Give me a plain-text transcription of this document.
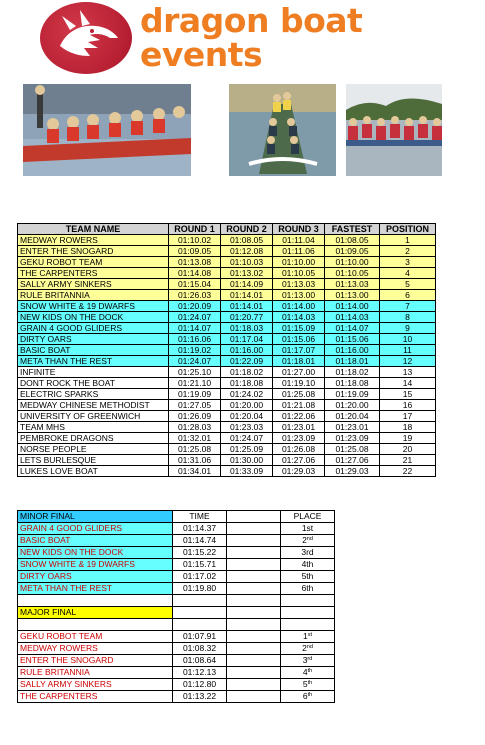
dragon boat
events
TEAM NAME	ROUND 1	ROUND 2	ROUND 3	FASTEST	POSITION
MEDWAY ROWERS	01:10.02	01:08.05	01:11.04	01:08.05	1
ENTER THE SNOGARD	01:09.05	01:12.08	01:11.06	01:09.05	2
GEKU ROBOT TEAM	01:13.08	01:10.03	01:10.00	01:10.00	3
THE CARPENTERS	01:14.08	01:13.02	01:10.05	01:10.05	4
SALLY ARMY SINKERS	01:15.04	01:14.09	01:13.03	01:13.03	5
RULE BRITANNIA	01:26.03	01:14.01	01:13.00	01:13.00	6
SNOW WHITE & 19 DWARFS	01:20.09	01:14.01	01:14.00	01:14.00	7
NEW KIDS ON THE DOCK	01:24.07	01:20.77	01:14.03	01:14.03	8
GRAIN 4 GOOD GLIDERS	01:14.07	01:18.03	01:15.09	01:14.07	9
DIRTY OARS	01:16.06	01:17.04	01:15.06	01:15.06	10
BASIC BOAT	01:19.02	01:16.00	01:17.07	01:16.00	11
META THAN THE REST	01:24.07	01:22.09	01:18.01	01:18.01	12
INFINITE	01:25.10	01:18.02	01:27.00	01:18.02	13
DONT ROCK THE BOAT	01:21.10	01:18.08	01:19.10	01:18.08	14
ELECTRIC SPARKS	01:19.09	01:24.02	01:25.08	01:19.09	15
MEDWAY CHINESE METHODIST	01:27.05	01:20.00	01:21.08	01:20.00	16
UNIVERSITY OF GREENWICH	01:26.09	01:20.04	01:22.06	01:20.04	17
TEAM MHS	01:28.03	01:23.03	01:23.01	01:23.01	18
PEMBROKE DRAGONS	01:32.01	01:24.07	01:23.09	01:23.09	19
NORSE PEOPLE	01:25.08	01:25.09	01:26.08	01:25.08	20
LETS BURLESQUE	01:31.06	01:30.00	01:27.06	01:27.06	21
LUKES LOVE BOAT	01:34.01	01:33.09	01:29.03	01:29.03	22
MINOR FINAL	TIME		PLACE
GRAIN 4 GOOD GLIDERS	01:14.37		1st
BASIC BOAT	01:14.74		2nd
NEW KIDS ON THE DOCK	01:15.22		3rd
SNOW WHITE & 19 DWARFS	01:15.71		4th
DIRTY OARS	01:17.02		5th
META THAN THE REST	01:19.80		6th

MAJOR FINAL			

GEKU ROBOT TEAM	01:07.91		1st
MEDWAY ROWERS	01:08.32		2nd
ENTER THE SNOGARD	01:08.64		3rd
RULE BRITANNIA	01:12.13		4th
SALLY ARMY SINKERS	01:12.80		5th
THE CARPENTERS	01:13.22		6th
